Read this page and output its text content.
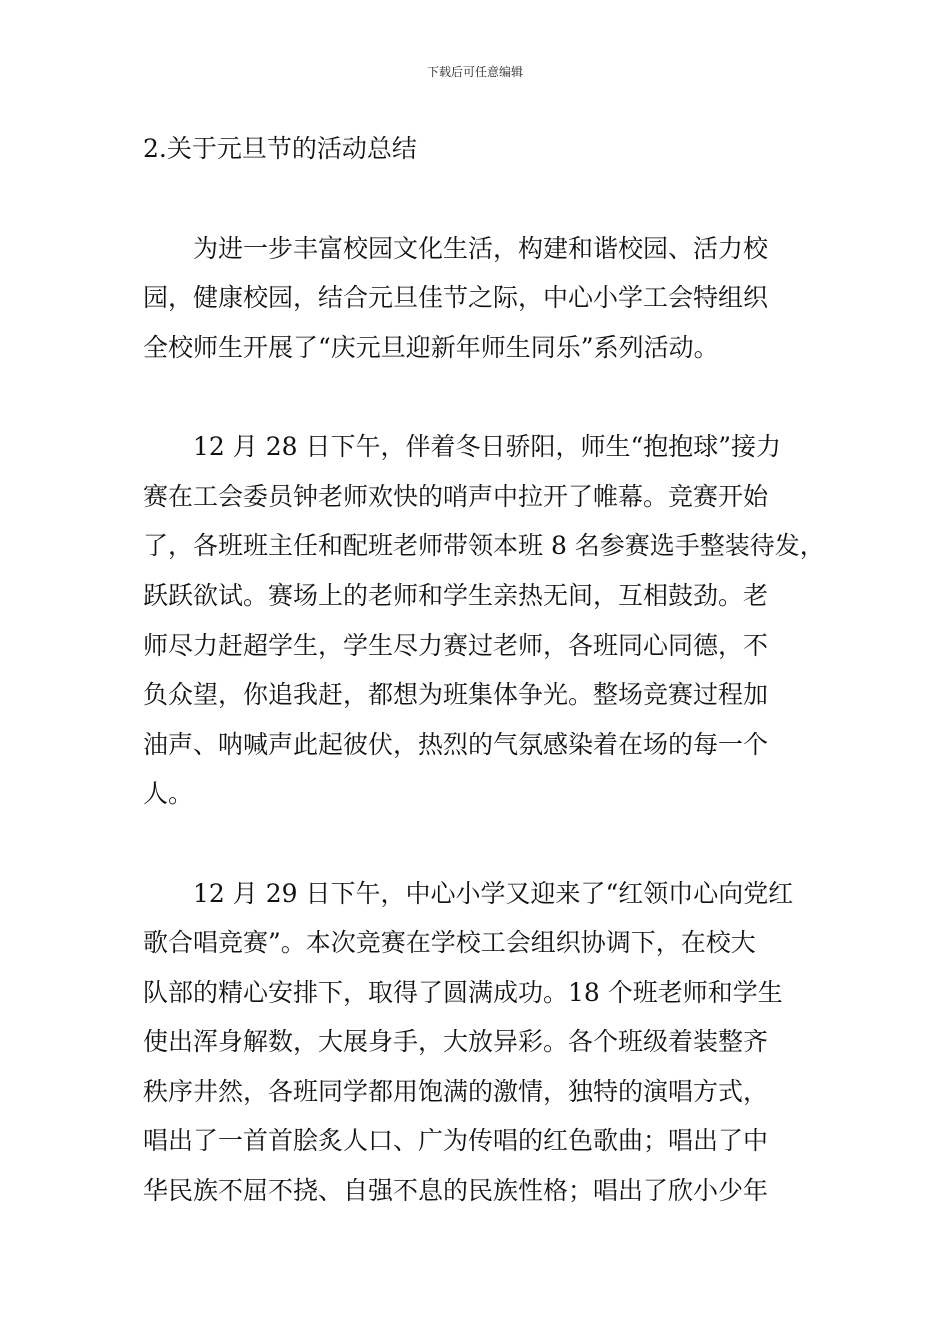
下载后可任意编辑
2.关于元旦节的活动总结
为进一步丰富校园文化生活，构建和谐校园、活力校
园，健康校园，结合元旦佳节之际，中心小学工会特组织
全校师生开展了“庆元旦迎新年师生同乐”系列活动。
12 月 28 日下午，伴着冬日骄阳，师生“抱抱球”接力
赛在工会委员钟老师欢快的哨声中拉开了帷幕。竞赛开始
了，各班班主任和配班老师带领本班 8 名参赛选手整装待发，
跃跃欲试。赛场上的老师和学生亲热无间，互相鼓劲。老
师尽力赶超学生，学生尽力赛过老师，各班同心同德，不
负众望，你追我赶，都想为班集体争光。整场竞赛过程加
油声、呐喊声此起彼伏，热烈的气氛感染着在场的每一个
人。
12 月 29 日下午，中心小学又迎来了“红领巾心向党红
歌合唱竞赛”。本次竞赛在学校工会组织协调下，在校大
队部的精心安排下，取得了圆满成功。18 个班老师和学生
使出浑身解数，大展身手，大放异彩。各个班级着装整齐
秩序井然，各班同学都用饱满的激情，独特的演唱方式，
唱出了一首首脍炙人口、广为传唱的红色歌曲；唱出了中
华民族不屈不挠、自强不息的民族性格；唱出了欣小少年
